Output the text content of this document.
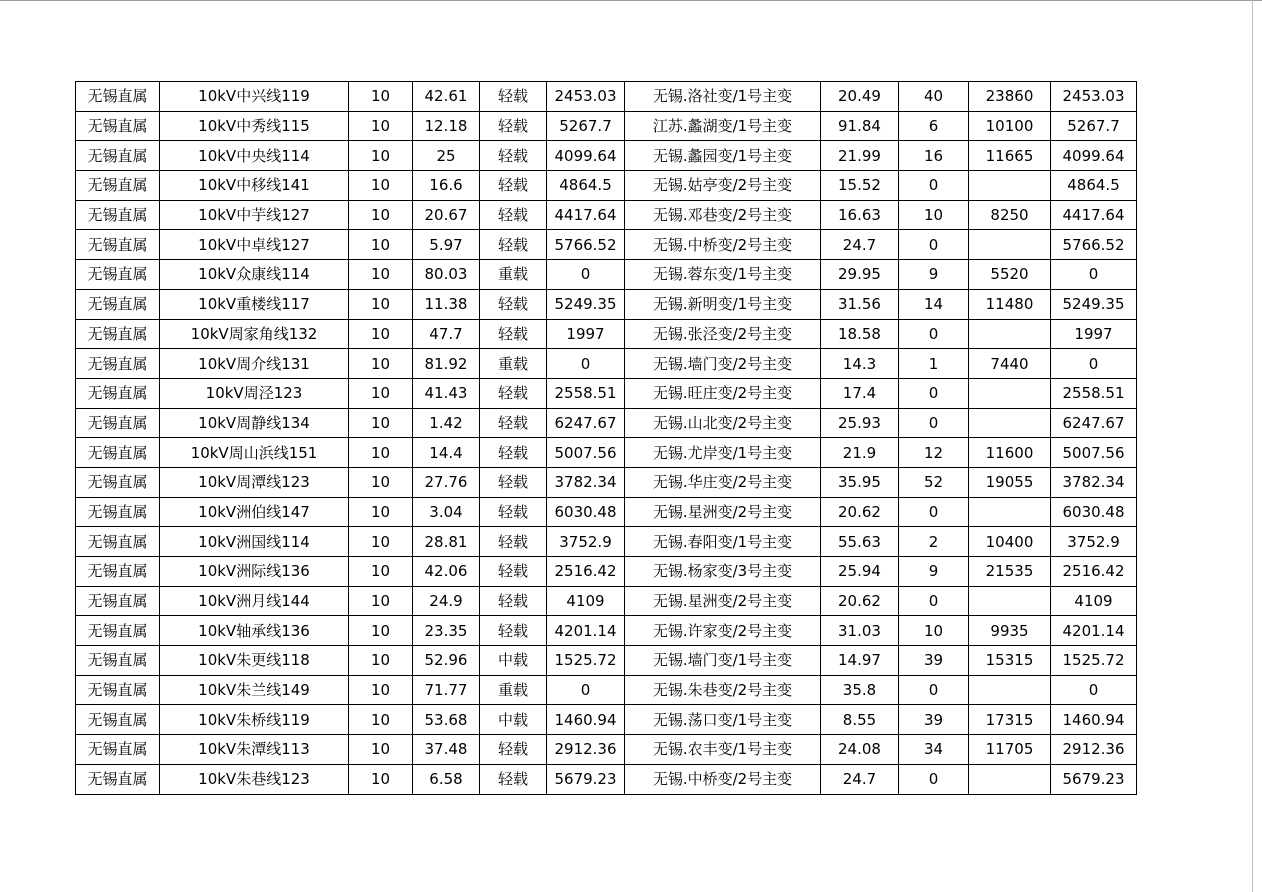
无锡直属	10kV中兴线119	10	42.61	轻载	2453.03	无锡.洛社变/1号主变	20.49	40	23860	2453.03
无锡直属	10kV中秀线115	10	12.18	轻载	5267.7	江苏.蠡湖变/1号主变	91.84	6	10100	5267.7
无锡直属	10kV中央线114	10	25	轻载	4099.64	无锡.蠡园变/1号主变	21.99	16	11665	4099.64
无锡直属	10kV中移线141	10	16.6	轻载	4864.5	无锡.姑亭变/2号主变	15.52	0		4864.5
无锡直属	10kV中芋线127	10	20.67	轻载	4417.64	无锡.邓巷变/2号主变	16.63	10	8250	4417.64
无锡直属	10kV中卓线127	10	5.97	轻载	5766.52	无锡.中桥变/2号主变	24.7	0		5766.52
无锡直属	10kV众康线114	10	80.03	重载	0	无锡.蓉东变/1号主变	29.95	9	5520	0
无锡直属	10kV重楼线117	10	11.38	轻载	5249.35	无锡.新明变/1号主变	31.56	14	11480	5249.35
无锡直属	10kV周家角线132	10	47.7	轻载	1997	无锡.张泾变/2号主变	18.58	0		1997
无锡直属	10kV周介线131	10	81.92	重载	0	无锡.墙门变/2号主变	14.3	1	7440	0
无锡直属	10kV周泾123	10	41.43	轻载	2558.51	无锡.旺庄变/2号主变	17.4	0		2558.51
无锡直属	10kV周静线134	10	1.42	轻载	6247.67	无锡.山北变/2号主变	25.93	0		6247.67
无锡直属	10kV周山浜线151	10	14.4	轻载	5007.56	无锡.尤岸变/1号主变	21.9	12	11600	5007.56
无锡直属	10kV周潭线123	10	27.76	轻载	3782.34	无锡.华庄变/2号主变	35.95	52	19055	3782.34
无锡直属	10kV洲伯线147	10	3.04	轻载	6030.48	无锡.星洲变/2号主变	20.62	0		6030.48
无锡直属	10kV洲国线114	10	28.81	轻载	3752.9	无锡.春阳变/1号主变	55.63	2	10400	3752.9
无锡直属	10kV洲际线136	10	42.06	轻载	2516.42	无锡.杨家变/3号主变	25.94	9	21535	2516.42
无锡直属	10kV洲月线144	10	24.9	轻载	4109	无锡.星洲变/2号主变	20.62	0		4109
无锡直属	10kV轴承线136	10	23.35	轻载	4201.14	无锡.许家变/2号主变	31.03	10	9935	4201.14
无锡直属	10kV朱更线118	10	52.96	中载	1525.72	无锡.墙门变/1号主变	14.97	39	15315	1525.72
无锡直属	10kV朱兰线149	10	71.77	重载	0	无锡.朱巷变/2号主变	35.8	0		0
无锡直属	10kV朱桥线119	10	53.68	中载	1460.94	无锡.荡口变/1号主变	8.55	39	17315	1460.94
无锡直属	10kV朱潭线113	10	37.48	轻载	2912.36	无锡.农丰变/1号主变	24.08	34	11705	2912.36
无锡直属	10kV朱巷线123	10	6.58	轻载	5679.23	无锡.中桥变/2号主变	24.7	0		5679.23
